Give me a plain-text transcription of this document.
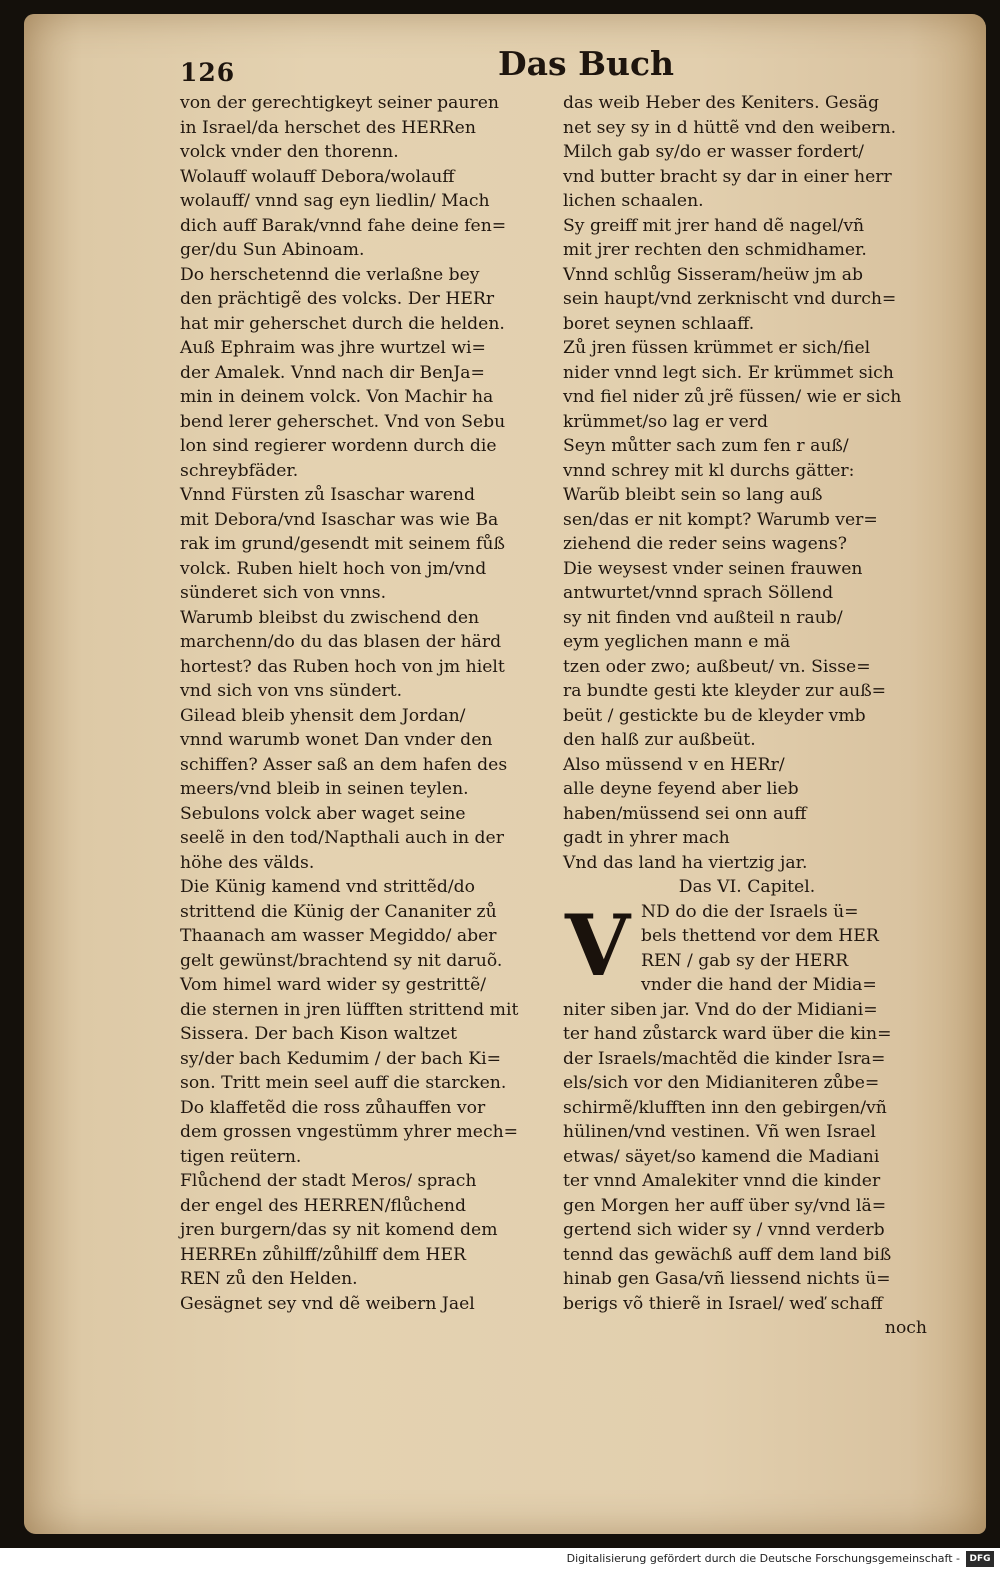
126	Das Buch
von der gerechtigkeyt seiner pauren
in Israel/da herschet des HERRen
volck vnder den thorenn.
Wolauff wolauff Debora/wolauff
wolauff/ vnnd sag eyn liedlin/ Mach
dich auff Barak/vnnd fahe deine fen=
ger/du Sun Abinoam.
Do herschetennd die verlaßne bey
den prächtigẽ des volcks. Der HERr
hat mir geherschet durch die helden.
Auß Ephraim was jhre wurtzel wi=
der Amalek. Vnnd nach dir BenJa=
min in deinem volck. Von Machir ha
bend lerer geherschet. Vnd von Sebu
lon sind regierer wordenn durch die
schreybfäder.
Vnnd Fürsten zů Isaschar warend
mit Debora/vnd Isaschar was wie Ba
rak im grund/gesendt mit seinem fůß
volck. Ruben hielt hoch von jm/vnd
sünderet sich von vnns.
Warumb bleibst du zwischend den
marchenn/do du das blasen der härd
hortest? das Ruben hoch von jm hielt
vnd sich von vns sündert.
Gilead bleib yhensit dem Jordan/
vnnd warumb wonet Dan vnder den
schiffen? Asser saß an dem hafen des
meers/vnd bleib in seinen teylen.
Sebulons volck aber waget seine
seelẽ in den tod/Napthali auch in der
höhe des välds.
Die Künig kamend vnd strittẽd/do
strittend die Künig der Cananiter zů
Thaanach am wasser Megiddo/ aber
gelt gewünst/brachtend sy nit daruõ.
Vom himel ward wider sy gestrittẽ/
die sternen in jren lüfften strittend mit
Sissera. Der bach Kison waltzet
sy/der bach Kedumim / der bach Ki=
son. Tritt mein seel auff die starcken.
Do klaffetẽd die ross zůhauffen vor
dem grossen vngestümm yhrer mech=
tigen reütern.
Flůchend der stadt Meros/ sprach
der engel des HERREN/flůchend
jren burgern/das sy nit komend dem
HERREn zůhilff/zůhilff dem HER
REN zů den Helden.
Gesägnet sey vnd dẽ weibern Jael
das weib Heber des Keniters. Gesäg
net sey sy in d hüttẽ vnd den weibern.
Milch gab sy/do er wasser fordert/
vnd butter bracht sy dar in einer herr
lichen schaalen.
Sy greiff mit jrer hand dẽ nagel/vñ
mit jrer rechten den schmidhamer.
Vnnd schlůg Sisseram/heüw jm ab
sein haupt/vnd zerknischt vnd durch=
boret seynen schlaaff.
Zů jren füssen krümmet er sich/fiel
nider vnnd legt sich. Er krümmet sich
vnd fiel nider zů jrẽ füssen/ wie er sich
krümmet/so lag er verd
Seyn můtter sach zum fen r auß/
vnnd schrey mit kl durchs gätter:
Warũb bleibt sein so lang auß
sen/das er nit kompt? Warumb ver=
ziehend die reder seins wagens?
Die weysest vnder seinen frauwen
antwurtet/vnnd sprach Söllend
sy nit finden vnd außteil n raub/
eym yeglichen mann e mä
tzen oder zwo; außbeut/ vn. Sisse=
ra bundte gesti kte kleyder zur auß=
beüt / gestickte bu de kleyder vmb
den halß zur außbeüt.
Also müssend v en HERr/
alle deyne feyend aber lieb
haben/müssend sei onn auff
gadt in yhrer mach
Vnd das land ha viertzig jar.
Das VI. Capitel.
V ND do die der Israels ü=
bels thettend vor dem HER
REN / gab sy der HERR
vnder die hand der Midia=
niter siben jar. Vnd do der Midiani=
ter hand zůstarck ward über die kin=
der Israels/machtẽd die kinder Isra=
els/sich vor den Midianiteren zůbe=
schirmẽ/klufften inn den gebirgen/vñ
hülinen/vnd vestinen. Vñ wen Israel
etwas/ säyet/so kamend die Madiani
ter vnnd Amalekiter vnnd die kinder
gen Morgen her auff über sy/vnd lä=
gertend sich wider sy / vnnd verderb
tennd das gewächß auff dem land biß
hinab gen Gasa/vñ liessend nichts ü=
berigs võ thierẽ in Israel/ weď schaff
noch
Digitalisierung gefördert durch die Deutsche Forschungsgemeinschaft -	DFG
